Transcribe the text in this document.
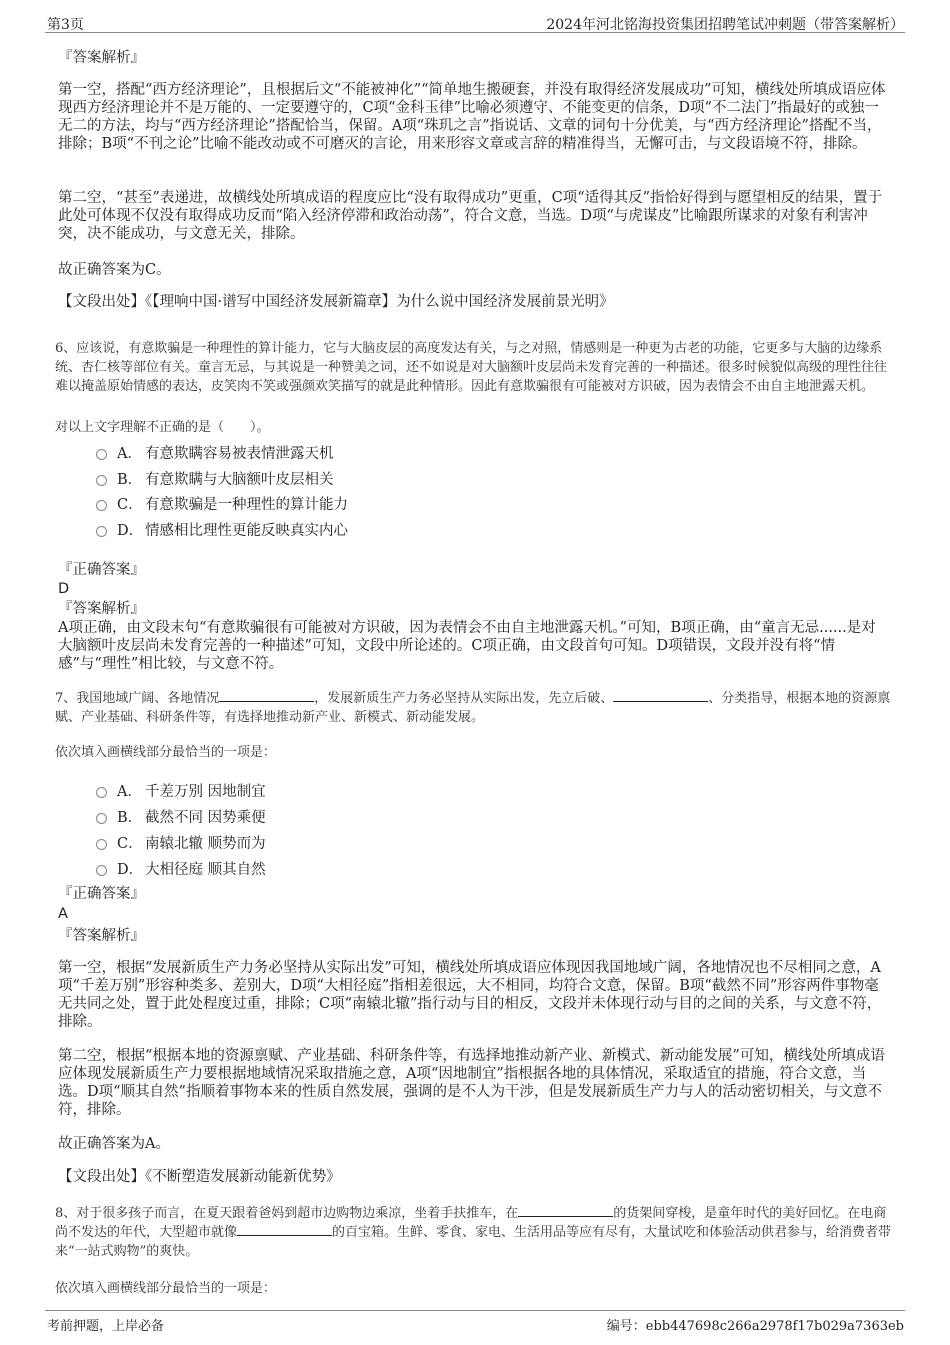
第3页	2024年河北铭海投资集团招聘笔试冲刺题（带答案解析）
『答案解析』
第一空，搭配“西方经济理论”，且根据后文“不能被神化”“简单地生搬硬套，并没有取得经济发展成功”可知，横线处所填成语应体现西方经济理论并不是万能的、一定要遵守的，C项“金科玉律”比喻必须遵守、不能变更的信条，D项“不二法门”指最好的或独一无二的方法，均与“西方经济理论”搭配恰当，保留。A项“珠玑之言”指说话、文章的词句十分优美，与“西方经济理论”搭配不当，排除；B项“不刊之论”比喻不能改动或不可磨灭的言论，用来形容文章或言辞的精准得当，无懈可击，与文段语境不符，排除。
第二空，“甚至”表递进，故横线处所填成语的程度应比“没有取得成功”更重，C项“适得其反”指恰好得到与愿望相反的结果，置于此处可体现不仅没有取得成功反而“陷入经济停滞和政治动荡”，符合文意，当选。D项“与虎谋皮”比喻跟所谋求的对象有利害冲突，决不能成功，与文意无关，排除。
故正确答案为C。
【文段出处】《【理响中国·谱写中国经济发展新篇章】为什么说中国经济发展前景光明》
6、应该说，有意欺骗是一种理性的算计能力，它与大脑皮层的高度发达有关，与之对照，情感则是一种更为古老的功能，它更多与大脑的边缘系统、杏仁核等部位有关。童言无忌，与其说是一种赞美之词，还不如说是对大脑额叶皮层尚未发育完善的一种描述。很多时候貌似高级的理性往往难以掩盖原始情感的表达，皮笑肉不笑或强颜欢笑描写的就是此种情形。因此有意欺骗很有可能被对方识破，因为表情会不由自主地泄露天机。
对以上文字理解不正确的是（　　）。
A． 有意欺瞒容易被表情泄露天机
B． 有意欺瞒与大脑额叶皮层相关
C． 有意欺骗是一种理性的算计能力
D． 情感相比理性更能反映真实内心
『正确答案』
D
『答案解析』
A项正确，由文段末句“有意欺骗很有可能被对方识破，因为表情会不由自主地泄露天机。”可知，B项正确，由“童言无忌......是对大脑额叶皮层尚未发育完善的一种描述”可知，文段中所论述的。C项正确，由文段首句可知。D项错误，文段并没有将“情感”与“理性”相比较，与文意不符。
7、我国地域广阔、各地情况	，发展新质生产力务必坚持从实际出发，先立后破、	、分类指导，根据本地的资源禀赋、产业基础、科研条件等，有选择地推动新产业、新模式、新动能发展。
依次填入画横线部分最恰当的一项是：
A． 千差万别 因地制宜
B． 截然不同 因势乘便
C． 南辕北辙 顺势而为
D． 大相径庭 顺其自然
『正确答案』
A
『答案解析』
第一空，根据“发展新质生产力务必坚持从实际出发”可知，横线处所填成语应体现因我国地域广阔，各地情况也不尽相同之意，A项“千差万别”形容种类多、差别大，D项“大相径庭”指相差很远，大不相同，均符合文意，保留。B项“截然不同”形容两件事物毫无共同之处，置于此处程度过重，排除；C项“南辕北辙”指行动与目的相反，文段并未体现行动与目的之间的关系，与文意不符，排除。
第二空，根据“根据本地的资源禀赋、产业基础、科研条件等，有选择地推动新产业、新模式、新动能发展”可知，横线处所填成语应体现发展新质生产力要根据地域情况采取措施之意，A项“因地制宜”指根据各地的具体情况，采取适宜的措施，符合文意，当选。D项“顺其自然”指顺着事物本来的性质自然发展，强调的是不人为干涉，但是发展新质生产力与人的活动密切相关，与文意不符，排除。
故正确答案为A。
【文段出处】《不断塑造发展新动能新优势》
8、对于很多孩子而言，在夏天跟着爸妈到超市边购物边乘凉，坐着手扶推车，在	的货架间穿梭，是童年时代的美好回忆。在电商尚不发达的年代，大型超市就像	的百宝箱。生鲜、零食、家电、生活用品等应有尽有，大量试吃和体验活动供君参与，给消费者带来“一站式购物”的爽快。
依次填入画横线部分最恰当的一项是：
考前押题，上岸必备	编号：ebb447698c266a2978f17b029a7363eb
